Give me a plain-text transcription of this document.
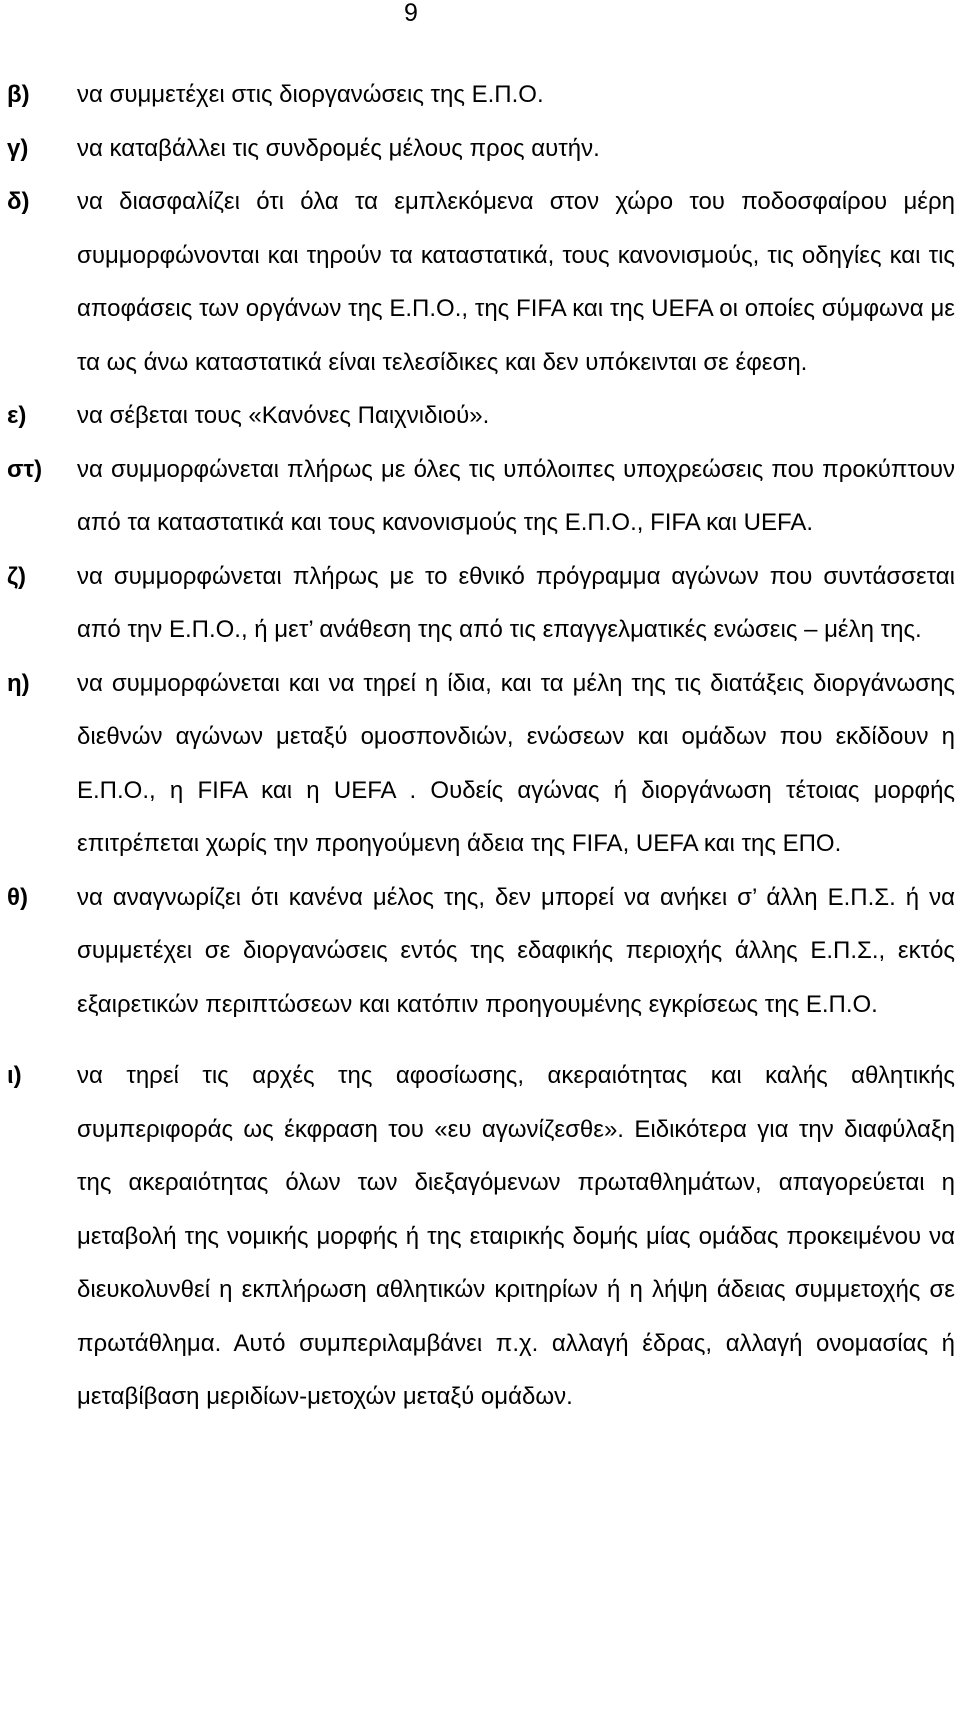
9
β)	να συμμετέχει στις διοργανώσεις της Ε.Π.Ο.
γ)	να καταβάλλει τις συνδρομές μέλους προς αυτήν.
δ)	να διασφαλίζει ότι όλα τα εμπλεκόμενα στον χώρο του ποδοσφαίρου μέρη συμμορφώνονται και τηρούν τα καταστατικά, τους κανονισμούς, τις οδηγίες και τις αποφάσεις των οργάνων της Ε.Π.Ο., της FIFA και της UEFA οι οποίες σύμφωνα με τα ως άνω καταστατικά είναι τελεσίδικες και δεν υπόκεινται σε έφεση.
ε)	να σέβεται τους «Κανόνες Παιχνιδιού».
στ)	να συμμορφώνεται πλήρως με όλες τις υπόλοιπες υποχρεώσεις που προκύπτουν από τα καταστατικά και τους κανονισμούς της Ε.Π.Ο., FIFA και UEFA.
ζ)	να συμμορφώνεται πλήρως με το εθνικό πρόγραμμα αγώνων που συντάσσεται από την Ε.Π.Ο., ή μετ’ ανάθεση της από τις επαγγελματικές ενώσεις – μέλη της.
η)	να συμμορφώνεται και να τηρεί η ίδια, και τα μέλη της τις διατάξεις διοργάνωσης διεθνών αγώνων μεταξύ ομοσπονδιών, ενώσεων και ομάδων που εκδίδουν η Ε.Π.Ο., η FIFA και η UEFA . Ουδείς αγώνας ή διοργάνωση τέτοιας μορφής επιτρέπεται χωρίς την προηγούμενη άδεια της FIFA, UEFA και της ΕΠΟ.
θ)	να αναγνωρίζει ότι κανένα μέλος της, δεν μπορεί να ανήκει σ’ άλλη Ε.Π.Σ. ή να συμμετέχει σε διοργανώσεις εντός της εδαφικής περιοχής άλλης Ε.Π.Σ., εκτός εξαιρετικών περιπτώσεων και κατόπιν προηγουμένης εγκρίσεως της Ε.Π.Ο.
ι)	να τηρεί τις αρχές της αφοσίωσης, ακεραιότητας και καλής αθλητικής συμπεριφοράς ως έκφραση του «ευ αγωνίζεσθε». Ειδικότερα για την διαφύλαξη της ακεραιότητας όλων των διεξαγόμενων πρωταθλημάτων, απαγορεύεται η μεταβολή της νομικής μορφής ή της εταιρικής δομής μίας ομάδας προκειμένου να διευκολυνθεί η εκπλήρωση αθλητικών κριτηρίων ή η λήψη άδειας συμμετοχής σε πρωτάθλημα. Αυτό συμπεριλαμβάνει π.χ. αλλαγή έδρας, αλλαγή ονομασίας ή μεταβίβαση μεριδίων-μετοχών μεταξύ ομάδων.
